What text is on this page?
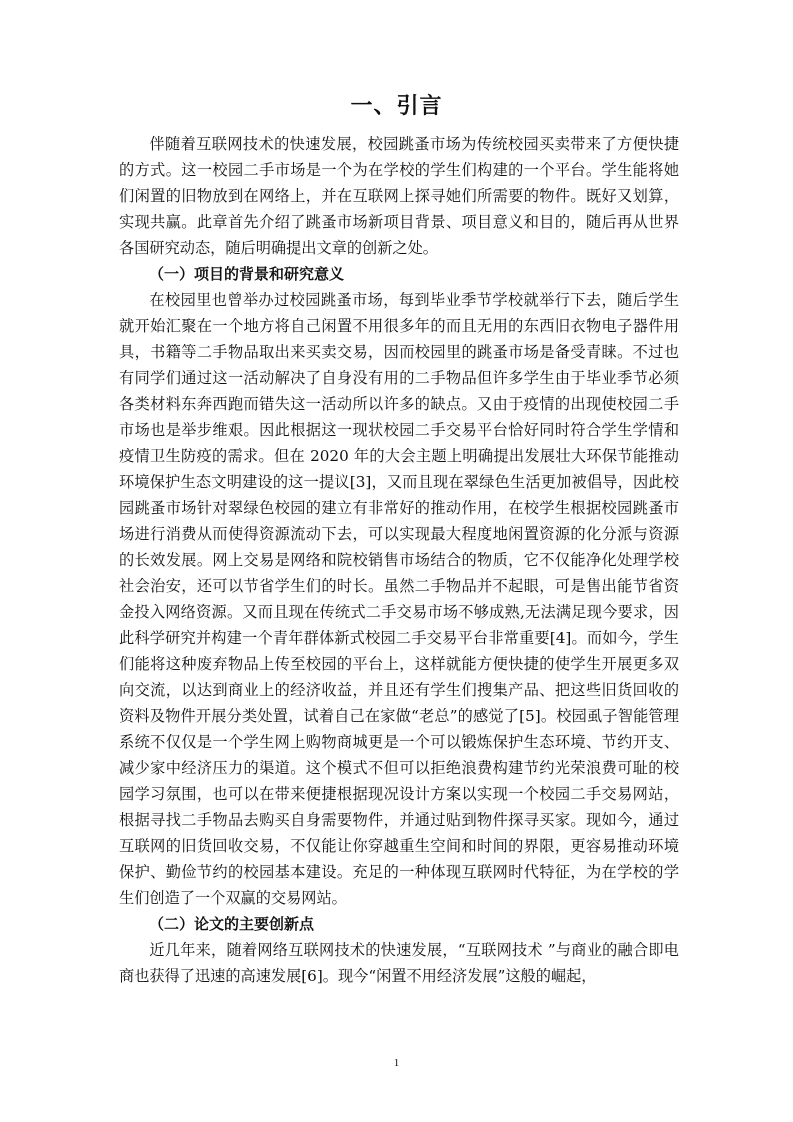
一、引言

伴随着互联网技术的快速发展，校园跳蚤市场为传统校园买卖带来了方便快捷的方式。这一校园二手市场是一个为在学校的学生们构建的一个平台。学生能将她们闲置的旧物放到在网络上，并在互联网上探寻她们所需要的物件。既好又划算，实现共赢。此章首先介绍了跳蚤市场新项目背景、项目意义和目的，随后再从世界各国研究动态，随后明确提出文章的创新之处。

（一）项目的背景和研究意义

在校园里也曾举办过校园跳蚤市场，每到毕业季节学校就举行下去，随后学生就开始汇聚在一个地方将自己闲置不用很多年的而且无用的东西旧衣物电子器件用具，书籍等二手物品取出来买卖交易，因而校园里的跳蚤市场是备受青睐。不过也有同学们通过这一活动解决了自身没有用的二手物品但许多学生由于毕业季节必须各类材料东奔西跑而错失这一活动所以许多的缺点。又由于疫情的出现使校园二手市场也是举步维艰。因此根据这一现状校园二手交易平台恰好同时符合学生学情和疫情卫生防疫的需求。但在 2020 年的大会主题上明确提出发展壮大环保节能推动环境保护生态文明建设的这一提议[3]，又而且现在翠绿色生活更加被倡导，因此校园跳蚤市场针对翠绿色校园的建立有非常好的推动作用，在校学生根据校园跳蚤市场进行消费从而使得资源流动下去，可以实现最大程度地闲置资源的化分派与资源的长效发展。网上交易是网络和院校销售市场结合的物质，它不仅能净化处理学校社会治安，还可以节省学生们的时长。虽然二手物品并不起眼，可是售出能节省资金投入网络资源。又而且现在传统式二手交易市场不够成熟,无法满足现今要求，因此科学研究并构建一个青年群体新式校园二手交易平台非常重要[4]。而如今，学生们能将这种废弃物品上传至校园的平台上，这样就能方便快捷的使学生开展更多双向交流，以达到商业上的经济收益，并且还有学生们搜集产品、把这些旧货回收的资料及物件开展分类处置，试着自己在家做“老总”的感觉了[5]。校园虱子智能管理系统不仅仅是一个学生网上购物商城更是一个可以锻炼保护生态环境、节约开支、减少家中经济压力的渠道。这个模式不但可以拒绝浪费构建节约光荣浪费可耻的校园学习氛围，也可以在带来便捷根据现况设计方案以实现一个校园二手交易网站，根据寻找二手物品去购买自身需要物件，并通过贴到物件探寻买家。现如今，通过互联网的旧货回收交易，不仅能让你穿越重生空间和时间的界限，更容易推动环境保护、勤俭节约的校园基本建设。充足的一种体现互联网时代特征，为在学校的学生们创造了一个双赢的交易网站。

（二）论文的主要创新点

近几年来，随着网络互联网技术的快速发展，“互联网技术 ”与商业的融合即电商也获得了迅速的高速发展[6]。现今“闲置不用经济发展”这般的崛起，

1
